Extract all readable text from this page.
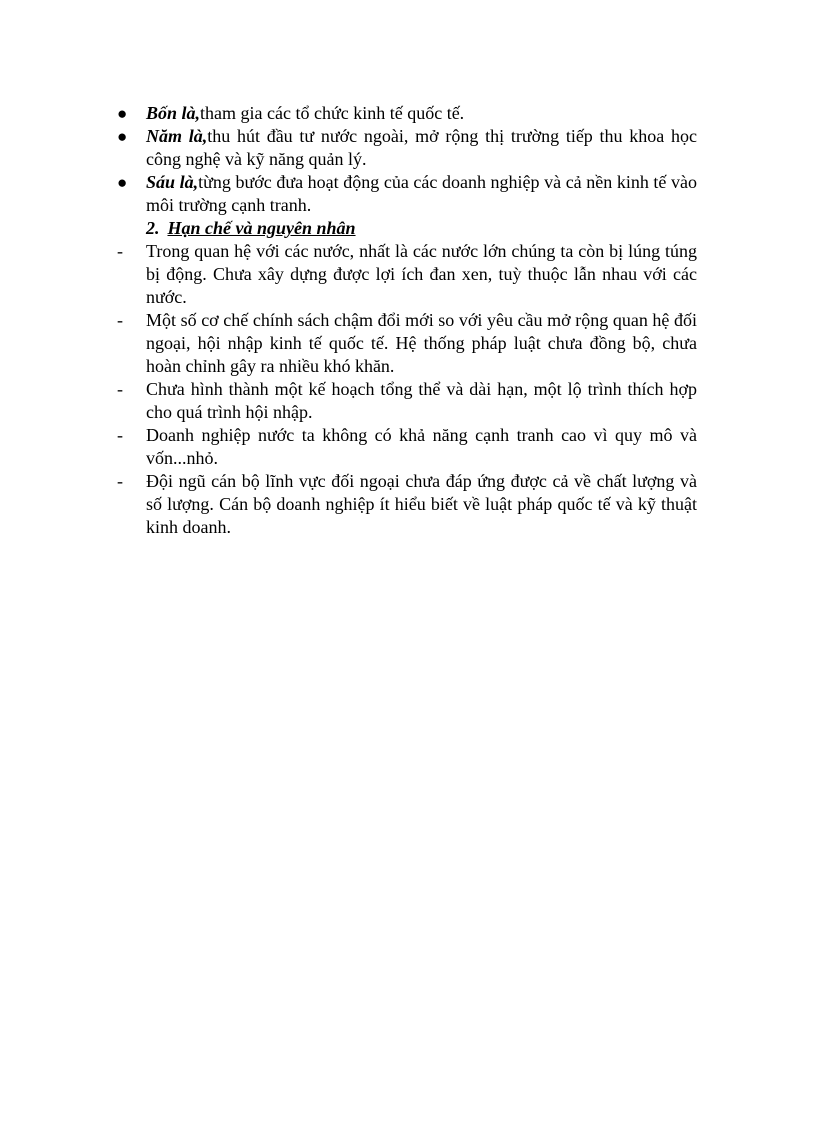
● Bốn là,tham gia các tổ chức kinh tế quốc tế.
● Năm là,thu hút đầu tư nước ngoài, mở rộng thị trường tiếp thu khoa học công nghệ và kỹ năng quản lý.
● Sáu là,từng bước đưa hoạt động của các doanh nghiệp và cả nền kinh tế vào môi trường cạnh tranh.
2. Hạn chế và nguyên nhân
- Trong quan hệ với các nước, nhất là các nước lớn chúng ta còn bị lúng túng bị động. Chưa xây dựng được lợi ích đan xen, tuỳ thuộc lẫn nhau với các nước.
- Một số cơ chế chính sách chậm đổi mới so với yêu cầu mở rộng quan hệ đối ngoại, hội nhập kinh tế quốc tế. Hệ thống pháp luật chưa đồng bộ, chưa hoàn chỉnh gây ra nhiều khó khăn.
- Chưa hình thành một kế hoạch tổng thể và dài hạn, một lộ trình thích hợp cho quá trình hội nhập.
- Doanh nghiệp nước ta không có khả năng cạnh tranh cao vì quy mô và vốn...nhỏ.
- Đội ngũ cán bộ lĩnh vực đối ngoại chưa đáp ứng được cả về chất lượng và số lượng. Cán bộ doanh nghiệp ít hiểu biết về luật pháp quốc tế và kỹ thuật kinh doanh.
